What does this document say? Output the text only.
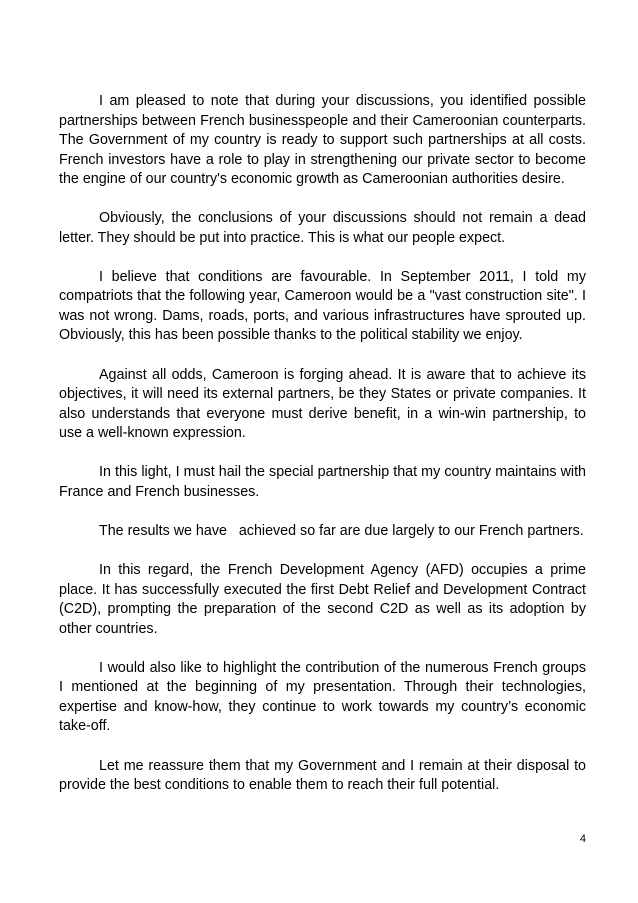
I am pleased to note that during your discussions, you identified possible partnerships between French businesspeople and their Cameroonian counterparts. The Government of my country is ready to support such partnerships at all costs. French investors have a role to play in strengthening our private sector to become the engine of our country's economic growth as Cameroonian authorities desire.

Obviously, the conclusions of your discussions should not remain a dead letter. They should be put into practice. This is what our people expect.

I believe that conditions are favourable. In September 2011, I told my compatriots that the following year, Cameroon would be a "vast construction site". I was not wrong. Dams, roads, ports, and various infrastructures have sprouted up. Obviously, this has been possible thanks to the political stability we enjoy.

Against all odds, Cameroon is forging ahead. It is aware that to achieve its objectives, it will need its external partners, be they States or private companies. It also understands that everyone must derive benefit, in a win-win partnership, to use a well-known expression.

In this light, I must hail the special partnership that my country maintains with France and French businesses.

The results we have   achieved so far are due largely to our French partners.

In this regard, the French Development Agency (AFD) occupies a prime place. It has successfully executed the first Debt Relief and Development Contract (C2D), prompting the preparation of the second C2D as well as its adoption by other countries.

I would also like to highlight the contribution of the numerous French groups I mentioned at the beginning of my presentation. Through their technologies, expertise and know-how, they continue to work towards my country’s economic take-off.

Let me reassure them that my Government and I remain at their disposal to provide the best conditions to enable them to reach their full potential.

4
